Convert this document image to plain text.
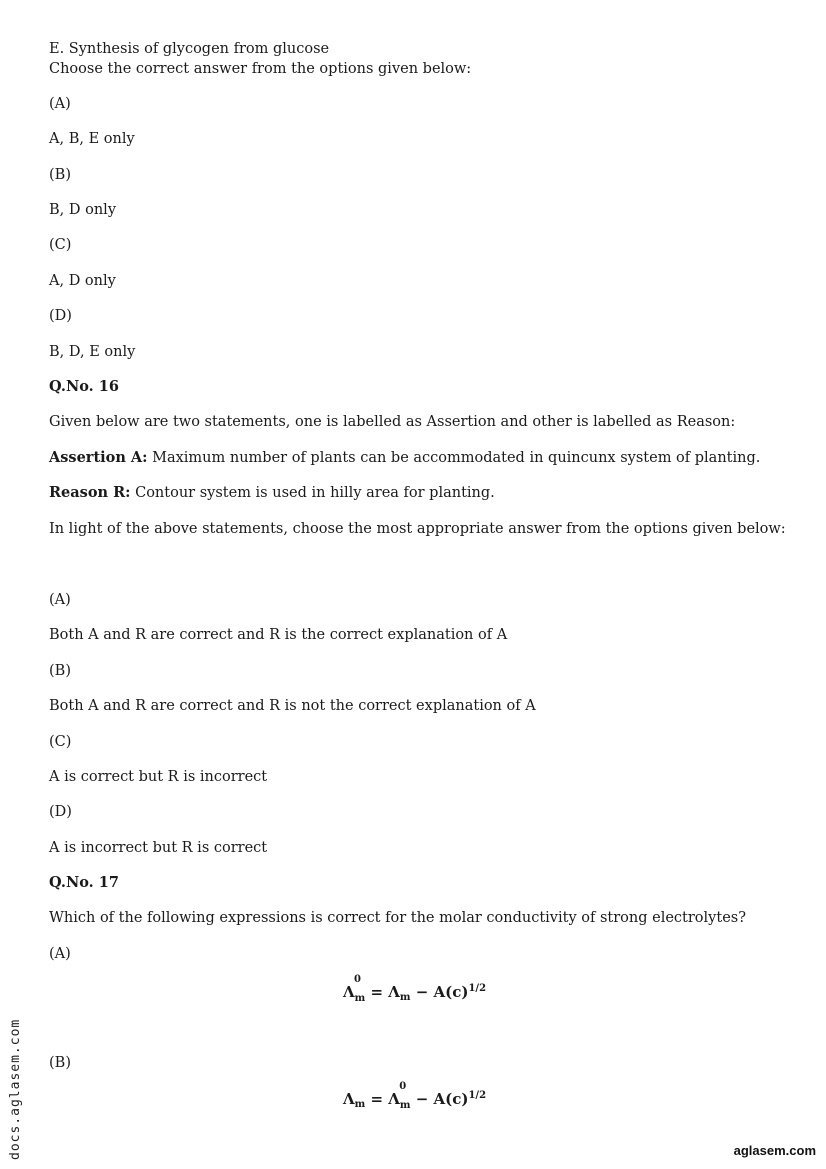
E. Synthesis of glycogen from glucose
Choose the correct answer from the options given below:
(A)
A, B, E only
(B)
B, D only
(C)
A, D only
(D)
B, D, E only
Q.No. 16
Given below are two statements, one is labelled as Assertion and other is labelled as Reason:
Assertion A: Maximum number of plants can be accommodated in quincunx system of planting.
Reason R: Contour system is used in hilly area for planting.
In light of the above statements, choose the most appropriate answer from the options given below:
(A)
Both A and R are correct and R is the correct explanation of A
(B)
Both A and R are correct and R is not the correct explanation of A
(C)
A is correct but R is incorrect
(D)
A is incorrect but R is correct
Q.No. 17
Which of the following expressions is correct for the molar conductivity of strong electrolytes?
(A)
Λ
0
$_m = \Lambda_m - A(c)^{1/2}$
(B)
$\Lambda_m = \Lambda$
0
$_m - A(c)^{1/2}$
docs.aglasem.com	aglasem.com
